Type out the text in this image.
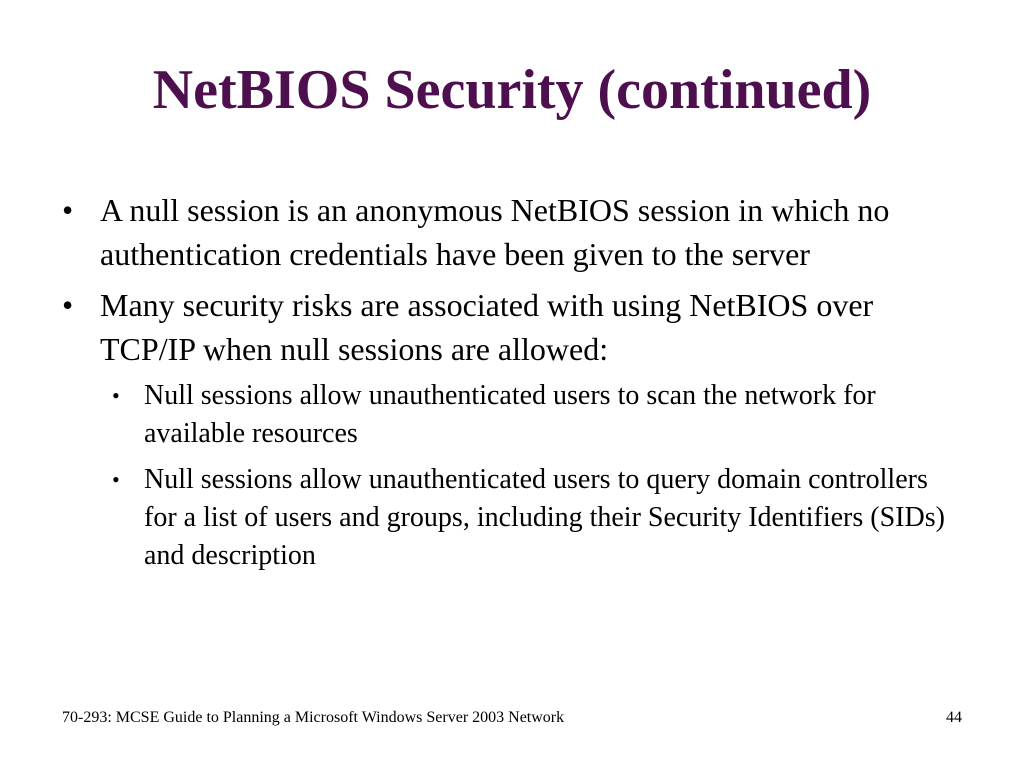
NetBIOS Security (continued)
• A null session is an anonymous NetBIOS session in which no authentication credentials have been given to the server
• Many security risks are associated with using NetBIOS over TCP/IP when null sessions are allowed:
• Null sessions allow unauthenticated users to scan the network for available resources
• Null sessions allow unauthenticated users to query domain controllers for a list of users and groups, including their Security Identifiers (SIDs) and description
70-293: MCSE Guide to Planning a Microsoft Windows Server 2003 Network	44
